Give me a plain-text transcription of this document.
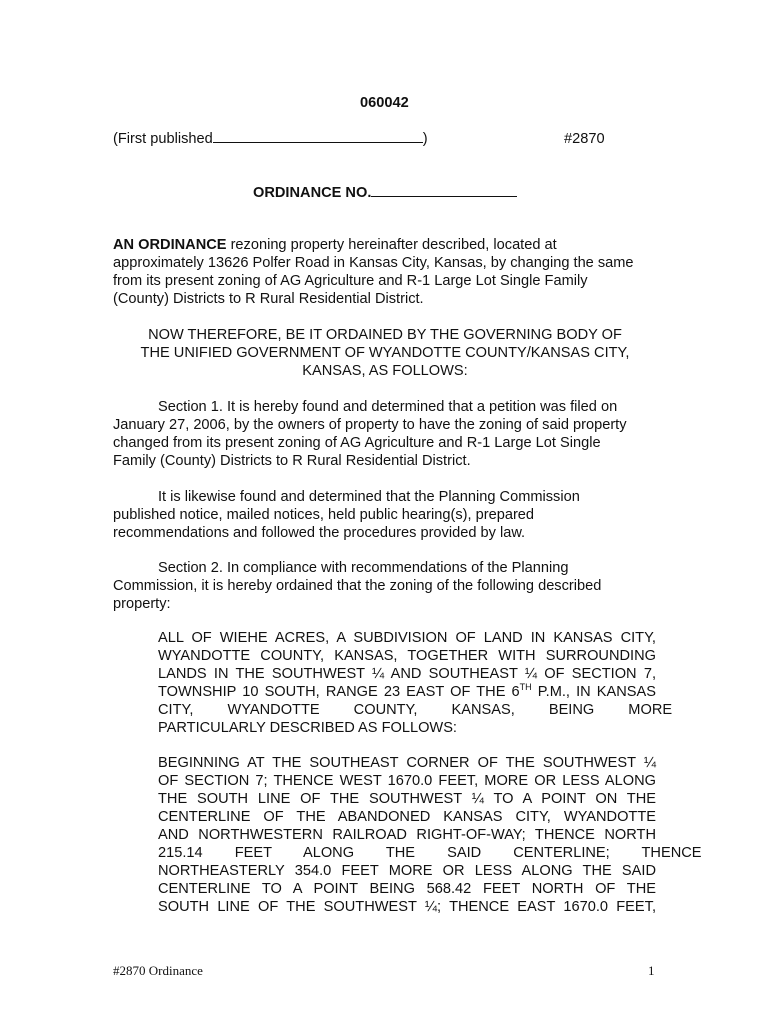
060042
(First published	)	#2870
ORDINANCE NO.
AN ORDINANCE rezoning property hereinafter described, located at
approximately 13626 Polfer Road in Kansas City, Kansas, by changing the same
from its present zoning of AG Agriculture and R-1 Large Lot Single Family
(County) Districts to R Rural Residential District.
NOW THEREFORE, BE IT ORDAINED BY THE GOVERNING BODY OF
THE UNIFIED GOVERNMENT OF WYANDOTTE COUNTY/KANSAS CITY,
KANSAS, AS FOLLOWS:
Section 1. It is hereby found and determined that a petition was filed on
January 27, 2006, by the owners of property to have the zoning of said property
changed from its present zoning of AG Agriculture and R-1 Large Lot Single
Family (County) Districts to R Rural Residential District.
It is likewise found and determined that the Planning Commission
published notice, mailed notices, held public hearing(s), prepared
recommendations and followed the procedures provided by law.
Section 2. In compliance with recommendations of the Planning
Commission, it is hereby ordained that the zoning of the following described
property:
ALL OF WIEHE ACRES, A SUBDIVISION OF LAND IN KANSAS CITY,
WYANDOTTE COUNTY, KANSAS, TOGETHER WITH SURROUNDING
LANDS IN THE SOUTHWEST ¼ AND SOUTHEAST ¼ OF SECTION 7,
TOWNSHIP 10 SOUTH, RANGE 23 EAST OF THE 6TH P.M., IN KANSAS
CITY, WYANDOTTE COUNTY, KANSAS, BEING MORE
PARTICULARLY DESCRIBED AS FOLLOWS:
BEGINNING AT THE SOUTHEAST CORNER OF THE SOUTHWEST ¼
OF SECTION 7; THENCE WEST 1670.0 FEET, MORE OR LESS ALONG
THE SOUTH LINE OF THE SOUTHWEST ¼ TO A POINT ON THE
CENTERLINE OF THE ABANDONED KANSAS CITY, WYANDOTTE
AND NORTHWESTERN RAILROAD RIGHT-OF-WAY; THENCE NORTH
215.14 FEET ALONG THE SAID CENTERLINE; THENCE
NORTHEASTERLY 354.0 FEET MORE OR LESS ALONG THE SAID
CENTERLINE TO A POINT BEING 568.42 FEET NORTH OF THE
SOUTH LINE OF THE SOUTHWEST ¼; THENCE EAST 1670.0 FEET,
#2870 Ordinance	1
